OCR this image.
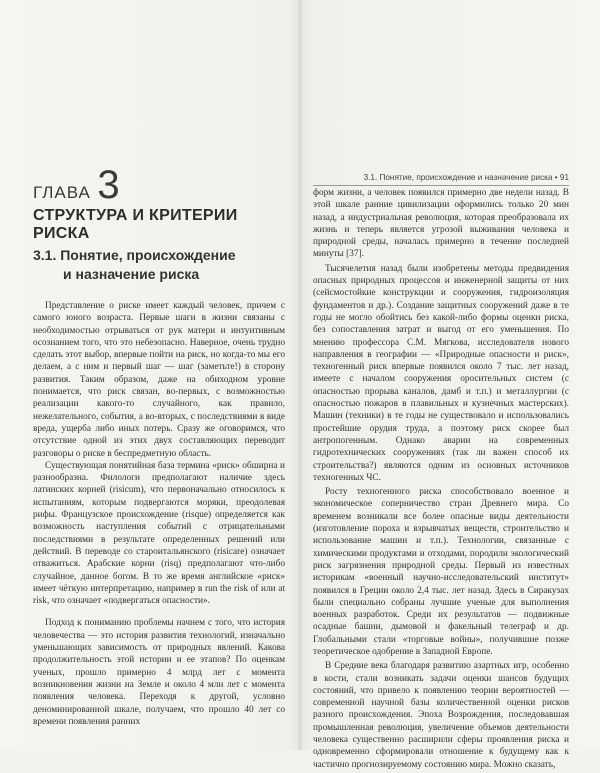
ГЛАВА 3
СТРУКТУРА И КРИТЕРИИ РИСКА
3.1. Понятие, происхождение
и назначение риска

Представление о риске имеет каждый человек, причем с самого юного возраста. Первые шаги в жизни связаны с необходимостью отрываться от рук матери и интуитивным осознанием того, что это небезопасно. Наверное, очень трудно сделать этот выбор, впервые пойти на риск, но когда-то мы его делаем, а с ним и первый шаг — шаг (заметьте!) в сторону развития. Таким образом, даже на обиходном уровне понимается, что риск связан, во-первых, с возможностью реализации какого-то случайного, как правило, нежелательного, события, а во-вторых, с последствиями в виде вреда, ущерба либо иных потерь. Сразу же оговоримся, что отсутствие одной из этих двух составляющих переводит разговоры о риске в беспредметную область.

Существующая понятийная база термина «риск» обширна и разнообразна. Филологи предполагают наличие здесь латинских корней (risicum), что первоначально относилось к испытаниям, которым подвергаются моряки, преодолевая рифы. Французское происхождение (risque) определяется как возможность наступления событий с отрицательными последствиями в результате определенных решений или действий. В переводе со староитальянского (risicare) означает отважиться. Арабские корни (risq) предполагают что-либо случайное, данное богом. В то же время английское «риск» имеет чёткую интерпретацию, например в run the risk of или at risk, что означает «подвергаться опасности».

Подход к пониманию проблемы начнем с того, что история человечества — это история развития технологий, изначально уменьшающих зависимость от природных явлений. Какова продолжительность этой истории и ее этапов? По оценкам ученых, прошло примерно 4 млрд лет с момента возникновения жизни на Земле и около 4 млн лет с момента появления человека. Переходя к другой, условно деноминированной шкале, получаем, что прошло 40 лет со времени появления ранних

3.1. Понятие, происхождение и назначение риска • 91

форм жизни, а человек появился примерно две недели назад. В этой шкале ранние цивилизации оформились только 20 мин назад, а индустриальная революция, которая преобразовала их жизнь и теперь является угрозой выживания человека и природной среды, началась примерно в течение последней минуты [37].

Тысячелетия назад были изобретены методы предвидения опасных природных процессов и инженерной защиты от них (сейсмостойкие конструкции и сооружения, гидроизоляция фундаментов и др.). Создание защитных сооружений даже в те годы не могло обойтись без какой-либо формы оценки риска, без сопоставления затрат и выгод от его уменьшения. По мнению профессора С.М. Мягкова, исследователя нового направления в географии — «Природные опасности и риск», техногенный риск впервые появился около 7 тыс. лет назад, имеете с началом сооружения оросительных систем (с опасностью прорыва каналов, дамб и т.п.) и металлургии (с опасностью пожаров в плавильных и кузнечных мастерских). Машин (техники) в те годы не существовало и использовались простейшие орудия труда, а поэтому риск скорее был антропогенным. Однако аварии на современных гидротехнических сооружениях (так ли важен способ их строительства?) являются одним из основных источников техногенных ЧС.

Росту техногенного риска способствовало военное и экономическое соперничество стран Древнего мира. Со временем возникали все более опасные виды деятельности (изготовление пороха и взрывчатых веществ, строительство и использование машин и т.п.). Технологии, связанные с химическими продуктами и отходами, породили экологический риск загрязнения природной среды. Первый из известных историкам «военный научно-исследовательский институт» появился в Греции около 2,4 тыс. лет назад. Здесь в Сиракузах были специально собраны лучшие ученые для выполнения военных разработок. Среди их результатов — подвижные осадные башни, дымовой и факельный телеграф и др. Глобальными стали «торговые войны», получившие позже теоретическое одобрение в Западной Европе.

В Средние века благодаря развитию азартных игр, особенно в кости, стали возникать задачи оценки шансов будущих состояний, что привело к появлению теории вероятностей — современной научной базы количественной оценки рисков разного происхождения. Эпоха Возрождения, последовавшая промышленная революция, увеличение объемов деятельности человека существенно расширили сферы проявления риска и одновременно сформировали отношение к будущему как к частично прогнозируемому состоянию мира. Можно сказать,
